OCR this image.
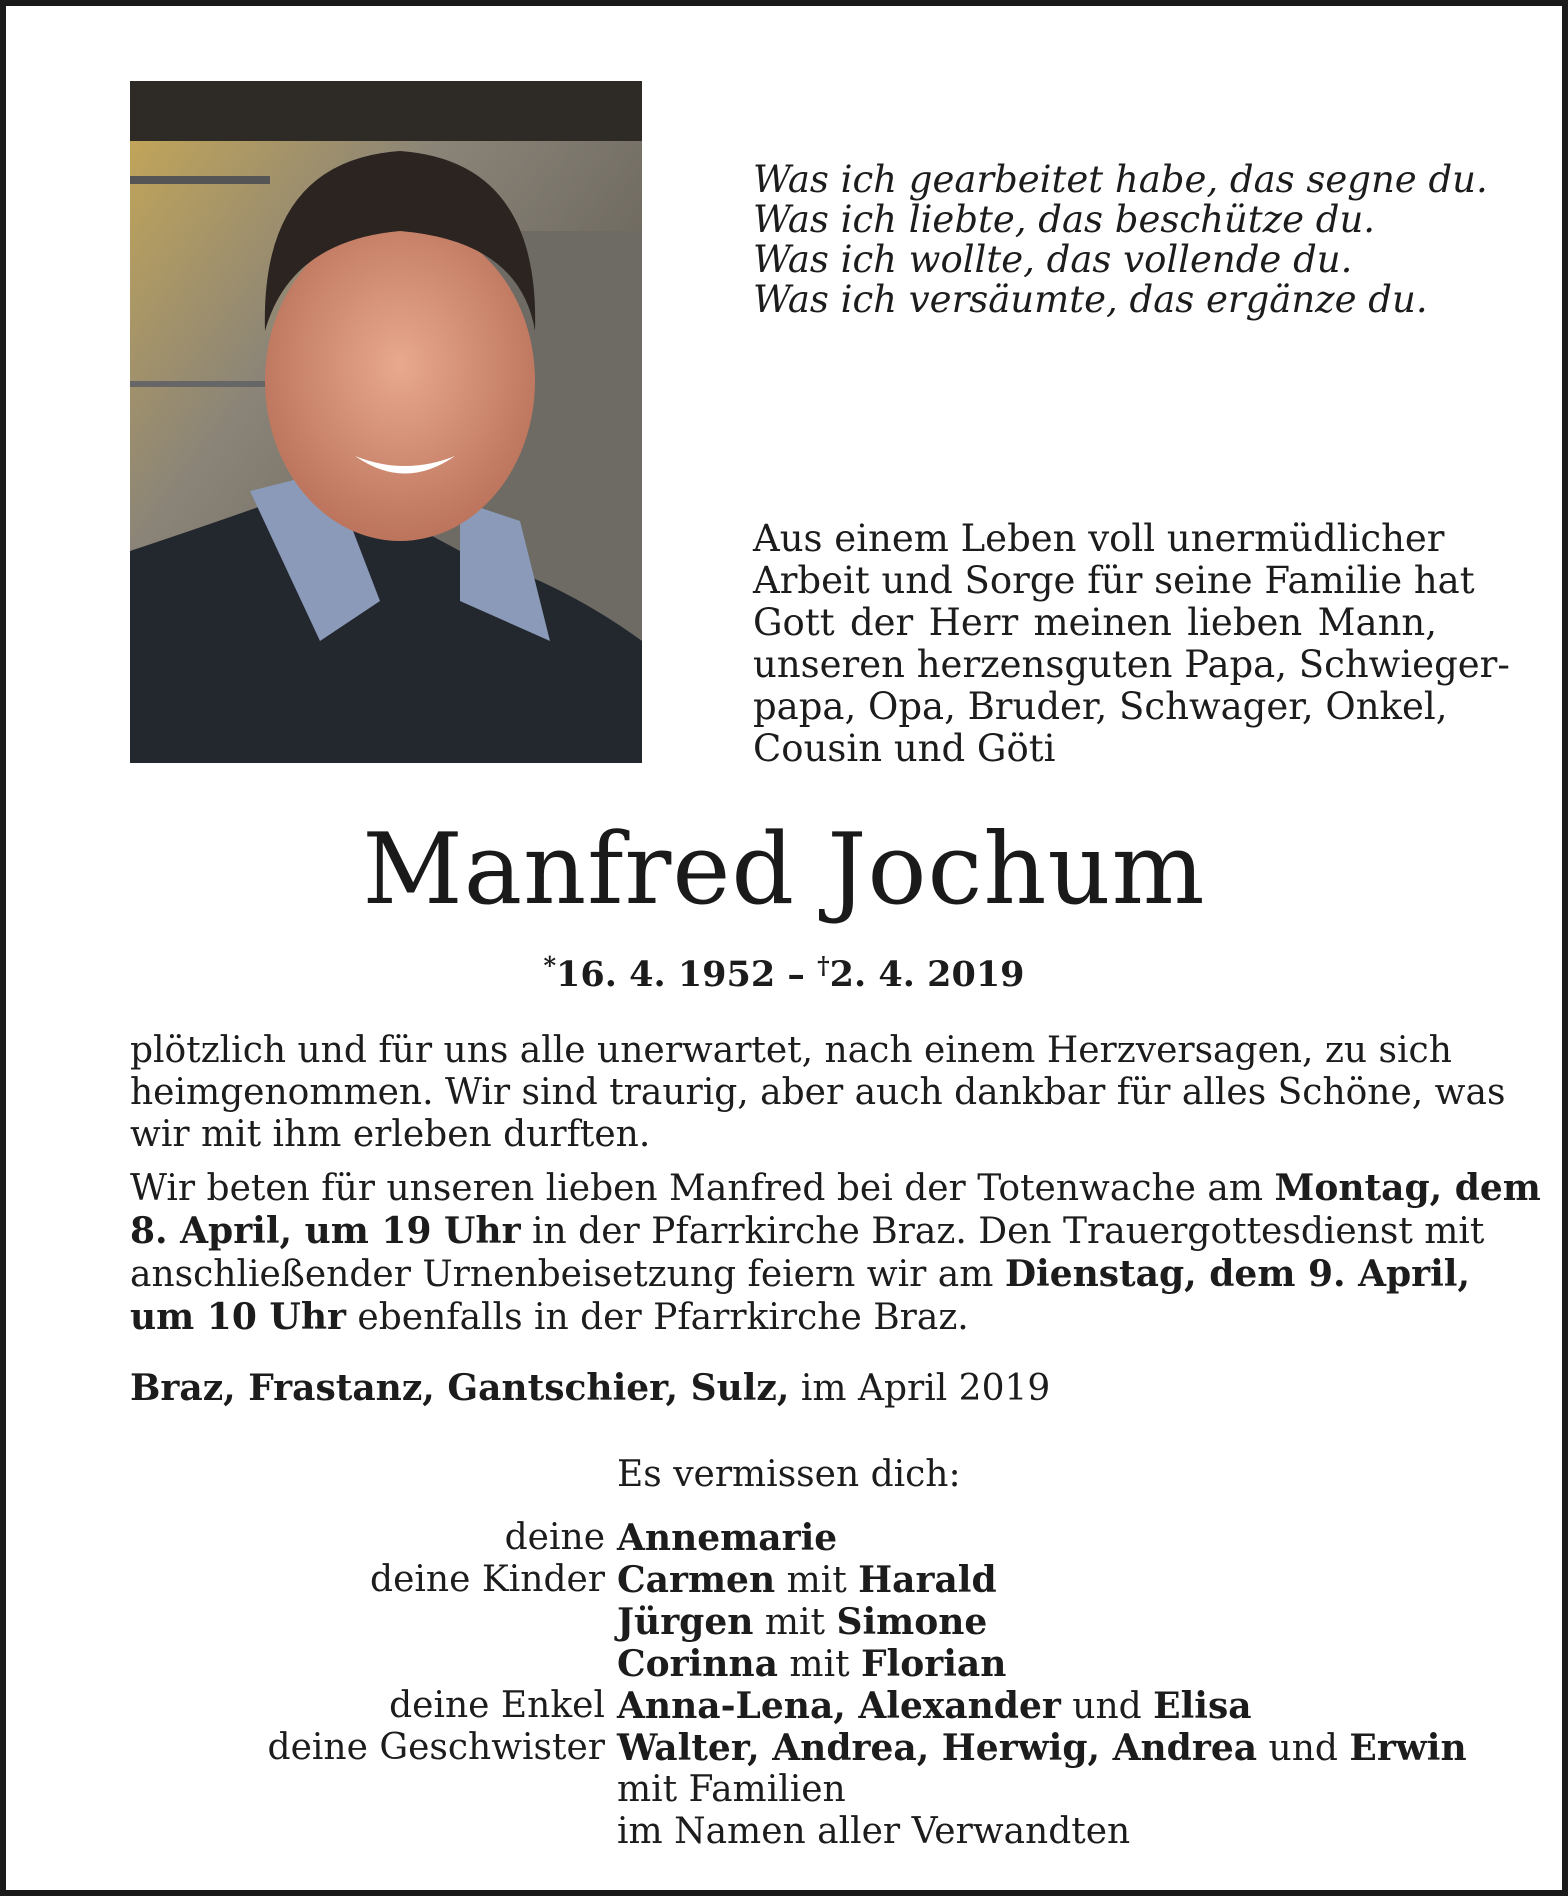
Was ich gearbeitet habe, das segne du.
Was ich liebte, das beschütze du.
Was ich wollte, das vollende du.
Was ich versäumte, das ergänze du.
Aus einem Leben voll unermüdlicher
Arbeit und Sorge für seine Familie hat
Gott der Herr meinen lieben Mann,
unseren herzensguten Papa, Schwieger-
papa, Opa, Bruder, Schwager, Onkel,
Cousin und Göti
Manfred Jochum
*16. 4. 1952 – †2. 4. 2019
plötzlich und für uns alle unerwartet, nach einem Herzversagen, zu sich
heimgenommen. Wir sind traurig, aber auch dankbar für alles Schöne, was
wir mit ihm erleben durften.
Wir beten für unseren lieben Manfred bei der Totenwache am Montag, dem
8. April, um 19 Uhr in der Pfarrkirche Braz. Den Trauergottesdienst mit
anschließender Urnenbeisetzung feiern wir am Dienstag, dem 9. April,
um 10 Uhr ebenfalls in der Pfarrkirche Braz.
Braz, Frastanz, Gantschier, Sulz, im April 2019
Es vermissen dich:
deine Annemarie
deine Kinder Carmen mit Harald
Jürgen mit Simone
Corinna mit Florian
deine Enkel Anna-Lena, Alexander und Elisa
deine Geschwister Walter, Andrea, Herwig, Andrea und Erwin
mit Familien
im Namen aller Verwandten
